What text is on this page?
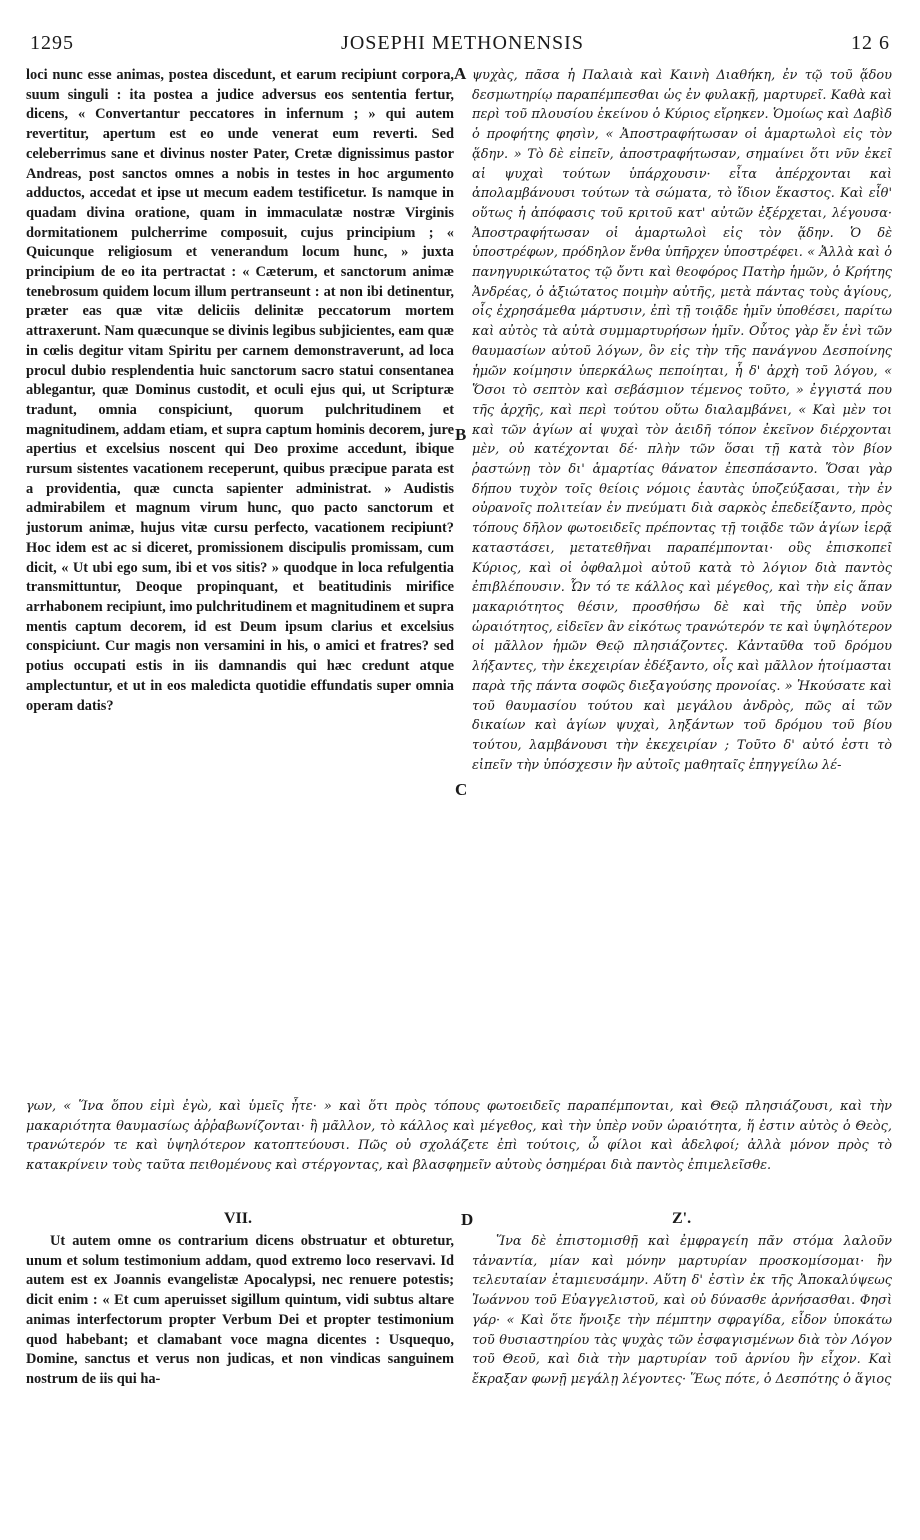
1295	JOSEPHI METHONENSIS	12 6

loci nunc esse animas, postea discedunt, et earum recipiunt corpora, suum singuli : ita postea a judice adversus eos sententia fertur, dicens, « Convertantur peccatores in infernum ; » qui autem revertitur, apertum est eo unde venerat eum reverti. Sed celeberrimus sane et divinus noster Pater, Cretæ dignissimus pastor Andreas, post sanctos omnes a nobis in testes in hoc argumento adductos, accedat et ipse ut mecum eadem testificetur. Is namque in quadam divina oratione, quam in immaculatæ nostræ Virginis dormitationem pulcherrime composuit, cujus principium ; « Quicunque religiosum et venerandum locum hunc, » juxta principium de eo ita pertractat : « Cæterum, et sanctorum animæ tenebrosum quidem locum illum pertranseunt : at non ibi detinentur, præter eas quæ vitæ deliciis delinitæ peccatorum mortem attraxerunt. Nam quæcunque se divinis legibus subjicientes, eam quæ in cœlis degitur vitam Spiritu per carnem demonstraverunt, ad loca procul dubio resplendentia huic sanctorum sacro statui consentanea ablegantur, quæ Dominus custodit, et oculi ejus qui, ut Scripturæ tradunt, omnia conspiciunt, quorum pulchritudinem et magnitudinem, addam etiam, et supra captum hominis decorem, jure apertius et excelsius noscent qui Deo proxime accedunt, ibique rursum sistentes vacationem receperunt, quibus præcipue parata est a providentia, quæ cuncta sapienter administrat. » Audistis admirabilem et magnum virum hunc, quo pacto sanctorum et justorum animæ, hujus vitæ cursu perfecto, vacationem recipiunt? Hoc idem est ac si diceret, promissionem discipulis promissam, cum dicit, « Ut ubi ego sum, ibi et vos sitis? » quodque in loca refulgentia transmittuntur, Deoque propinquant, et beatitudinis mirifice arrhabonem recipiunt, imo pulchritudinem et magnitudinem et supra mentis captum decorem, id est Deum ipsum clarius et excelsius conspiciunt. Cur magis non versamini in his, o amici et fratres? sed potius occupati estis in iis damnandis qui hæc credunt atque amplectuntur, et ut in eos maledicta quotidie effundatis super omnia operam datis?

A
B
C
D

ψυχὰς, πᾶσα ἡ Παλαιὰ καὶ Καινὴ Διαθήκη, ἐν τῷ τοῦ ᾅδου δεσμωτηρίῳ παραπέμπεσθαι ὡς ἐν φυλακῇ, μαρτυρεῖ. Καθὰ καὶ περὶ τοῦ πλουσίου ἐκείνου ὁ Κύριος εἴρηκεν. Ὁμοίως καὶ Δαβὶδ ὁ προφήτης φησὶν, « Ἀποστραφήτωσαν οἱ ἁμαρτωλοὶ εἰς τὸν ᾅδην. » Τὸ δὲ εἰπεῖν, ἀποστραφήτωσαν, σημαίνει ὅτι νῦν ἐκεῖ αἱ ψυχαὶ τούτων ὑπάρχουσιν· εἶτα ἀπέρχονται καὶ ἀπολαμβάνουσι τούτων τὰ σώματα, τὸ ἴδιον ἕκαστος. Καὶ εἶθ' οὕτως ἡ ἀπόφασις τοῦ κριτοῦ κατ' αὐτῶν ἐξέρχεται, λέγουσα· Ἀποστραφήτωσαν οἱ ἁμαρτωλοὶ εἰς τὸν ᾅδην. Ὁ δὲ ὑποστρέφων, πρόδηλον ἔνθα ὑπῆρχεν ὑποστρέφει. « Ἀλλὰ καὶ ὁ πανηγυρικώτατος τῷ ὄντι καὶ θεοφόρος Πατὴρ ἡμῶν, ὁ Κρήτης Ἀνδρέας, ὁ ἀξιώτατος ποιμὴν αὐτῆς, μετὰ πάντας τοὺς ἁγίους, οἷς ἐχρησάμεθα μάρτυσιν, ἐπὶ τῇ τοιᾷδε ἡμῖν ὑποθέσει, παρίτω καὶ αὐτὸς τὰ αὐτὰ συμμαρτυρήσων ἡμῖν. Οὗτος γὰρ ἔν ἑνὶ τῶν θαυμασίων αὐτοῦ λόγων, ὃν εἰς τὴν τῆς πανάγνου Δεσποίνης ἡμῶν κοίμησιν ὑπερκάλως πεποίηται, ἧ δ' ἀρχὴ τοῦ λόγου, « Ὅσοι τὸ σεπτὸν καὶ σεβάσμιον τέμενος τοῦτο, » ἐγγιστά που τῆς ἀρχῆς, καὶ περὶ τούτου οὕτω διαλαμβάνει, « Καὶ μὲν τοι καὶ τῶν ἁγίων αἱ ψυχαὶ τὸν ἀειδῆ τόπον ἐκεῖνον διέρχονται μὲν, οὐ κατέχονται δέ· πλὴν τῶν ὅσαι τῇ κατὰ τὸν βίον ῥαστώνῃ τὸν δι' ἁμαρτίας θάνατον ἐπεσπάσαντο. Ὅσαι γὰρ δήπου τυχὸν τοῖς θείοις νόμοις ἑαυτὰς ὑποζεύξασαι, τὴν ἐν οὐρανοῖς πολιτείαν ἐν πνεύματι διὰ σαρκὸς ἐπεδείξαντο, πρὸς τόπους δῆλον φωτοειδεῖς πρέποντας τῇ τοιᾷδε τῶν ἁγίων ἱερᾷ καταστάσει, μετατεθῆναι παραπέμπονται· οὓς ἐπισκοπεῖ Κύριος, καὶ οἱ ὀφθαλμοὶ αὐτοῦ κατὰ τὸ λόγιον διὰ παντὸς ἐπιβλέπουσιν. Ὧν τό τε κάλλος καὶ μέγεθος, καὶ τὴν εἰς ἅπαν μακαριότητος θέσιν, προσθήσω δὲ καὶ τῆς ὑπὲρ νοῦν ὡραιότητος, εἰδεῖεν ἂν εἰκότως τρανώτερόν τε καὶ ὑψηλότερον οἱ μᾶλλον ἡμῶν Θεῷ πλησιάζοντες. Κἀνταῦθα τοῦ δρόμου λήξαντες, τὴν ἐκεχειρίαν ἐδέξαντο, οἷς καὶ μᾶλλον ἡτοίμασται παρὰ τῆς πάντα σοφῶς διεξαγούσης προνοίας. » Ἠκούσατε καὶ τοῦ θαυμασίου τούτου καὶ μεγάλου ἀνδρὸς, πῶς αἱ τῶν δικαίων καὶ ἁγίων ψυχαὶ, ληξάντων τοῦ δρόμου τοῦ βίου τούτου, λαμβάνουσι τὴν ἐκεχειρίαν ; Τοῦτο δ' αὐτό ἐστι τὸ εἰπεῖν τὴν ὑπόσχεσιν ἣν αὐτοῖς μαθηταῖς ἐπηγγείλω λέ-

γων, « Ἵνα ὅπου εἰμὶ ἐγὼ, καὶ ὑμεῖς ἦτε· » καὶ ὅτι πρὸς τόπους φωτοειδεῖς παραπέμπονται, καὶ Θεῷ πλησιάζουσι, καὶ τὴν μακαριότητα θαυμασίως ἀῤῥαβωνίζονται· ἢ μᾶλλον, τὸ κάλλος καὶ μέγεθος, καὶ τὴν ὑπὲρ νοῦν ὡραιότητα, ἥ ἐστιν αὐτὸς ὁ Θεὸς, τρανώτερόν τε καὶ ὑψηλότερον κατοπτεύουσι. Πῶς οὐ σχολάζετε ἐπὶ τούτοις, ὦ φίλοι καὶ ἀδελφοί; ἀλλὰ μόνον πρὸς τὸ κατακρίνειν τοὺς ταῦτα πειθομένους καὶ στέργοντας, καὶ βλασφημεῖν αὐτοὺς ὁσημέραι διὰ παντὸς ἐπιμελεῖσθε.

VII.	Z'.

Ut autem omne os contrarium dicens obstruatur et obturetur, unum et solum testimonium addam, quod extremo loco reservavi. Id autem est ex Joannis evangelistæ Apocalypsi, nec renuere potestis; dicit enim : « Et cum aperuisset sigillum quintum, vidi subtus altare animas interfectorum propter Verbum Dei et propter testimonium quod habebant; et clamabant voce magna dicentes : Usquequo, Domine, sanctus et verus non judicas, et non vindicas sanguinem nostrum de iis qui ha-

Ἵνα δὲ ἐπιστομισθῇ καὶ ἐμφραγείη πᾶν στόμα λαλοῦν τἀναντία, μίαν καὶ μόνην μαρτυρίαν προσκομίσομαι· ἣν τελευταίαν ἐταμιευσάμην. Αὕτη δ' ἐστὶν ἐκ τῆς Ἀποκαλύψεως Ἰωάννου τοῦ Εὐαγγελιστοῦ, καὶ οὐ δύνασθε ἀρνήσασθαι. Φησὶ γάρ· « Καὶ ὅτε ἤνοιξε τὴν πέμπτην σφραγίδα, εἶδον ὑποκάτω τοῦ θυσιαστηρίου τὰς ψυχὰς τῶν ἐσφαγισμένων διὰ τὸν Λόγον τοῦ Θεοῦ, καὶ διὰ τὴν μαρτυρίαν τοῦ ἀρνίου ἣν εἶχον. Καὶ ἔκραξαν φωνῇ μεγάλῃ λέγοντες· Ἕως πότε, ὁ Δεσπότης ὁ ἅγιος
